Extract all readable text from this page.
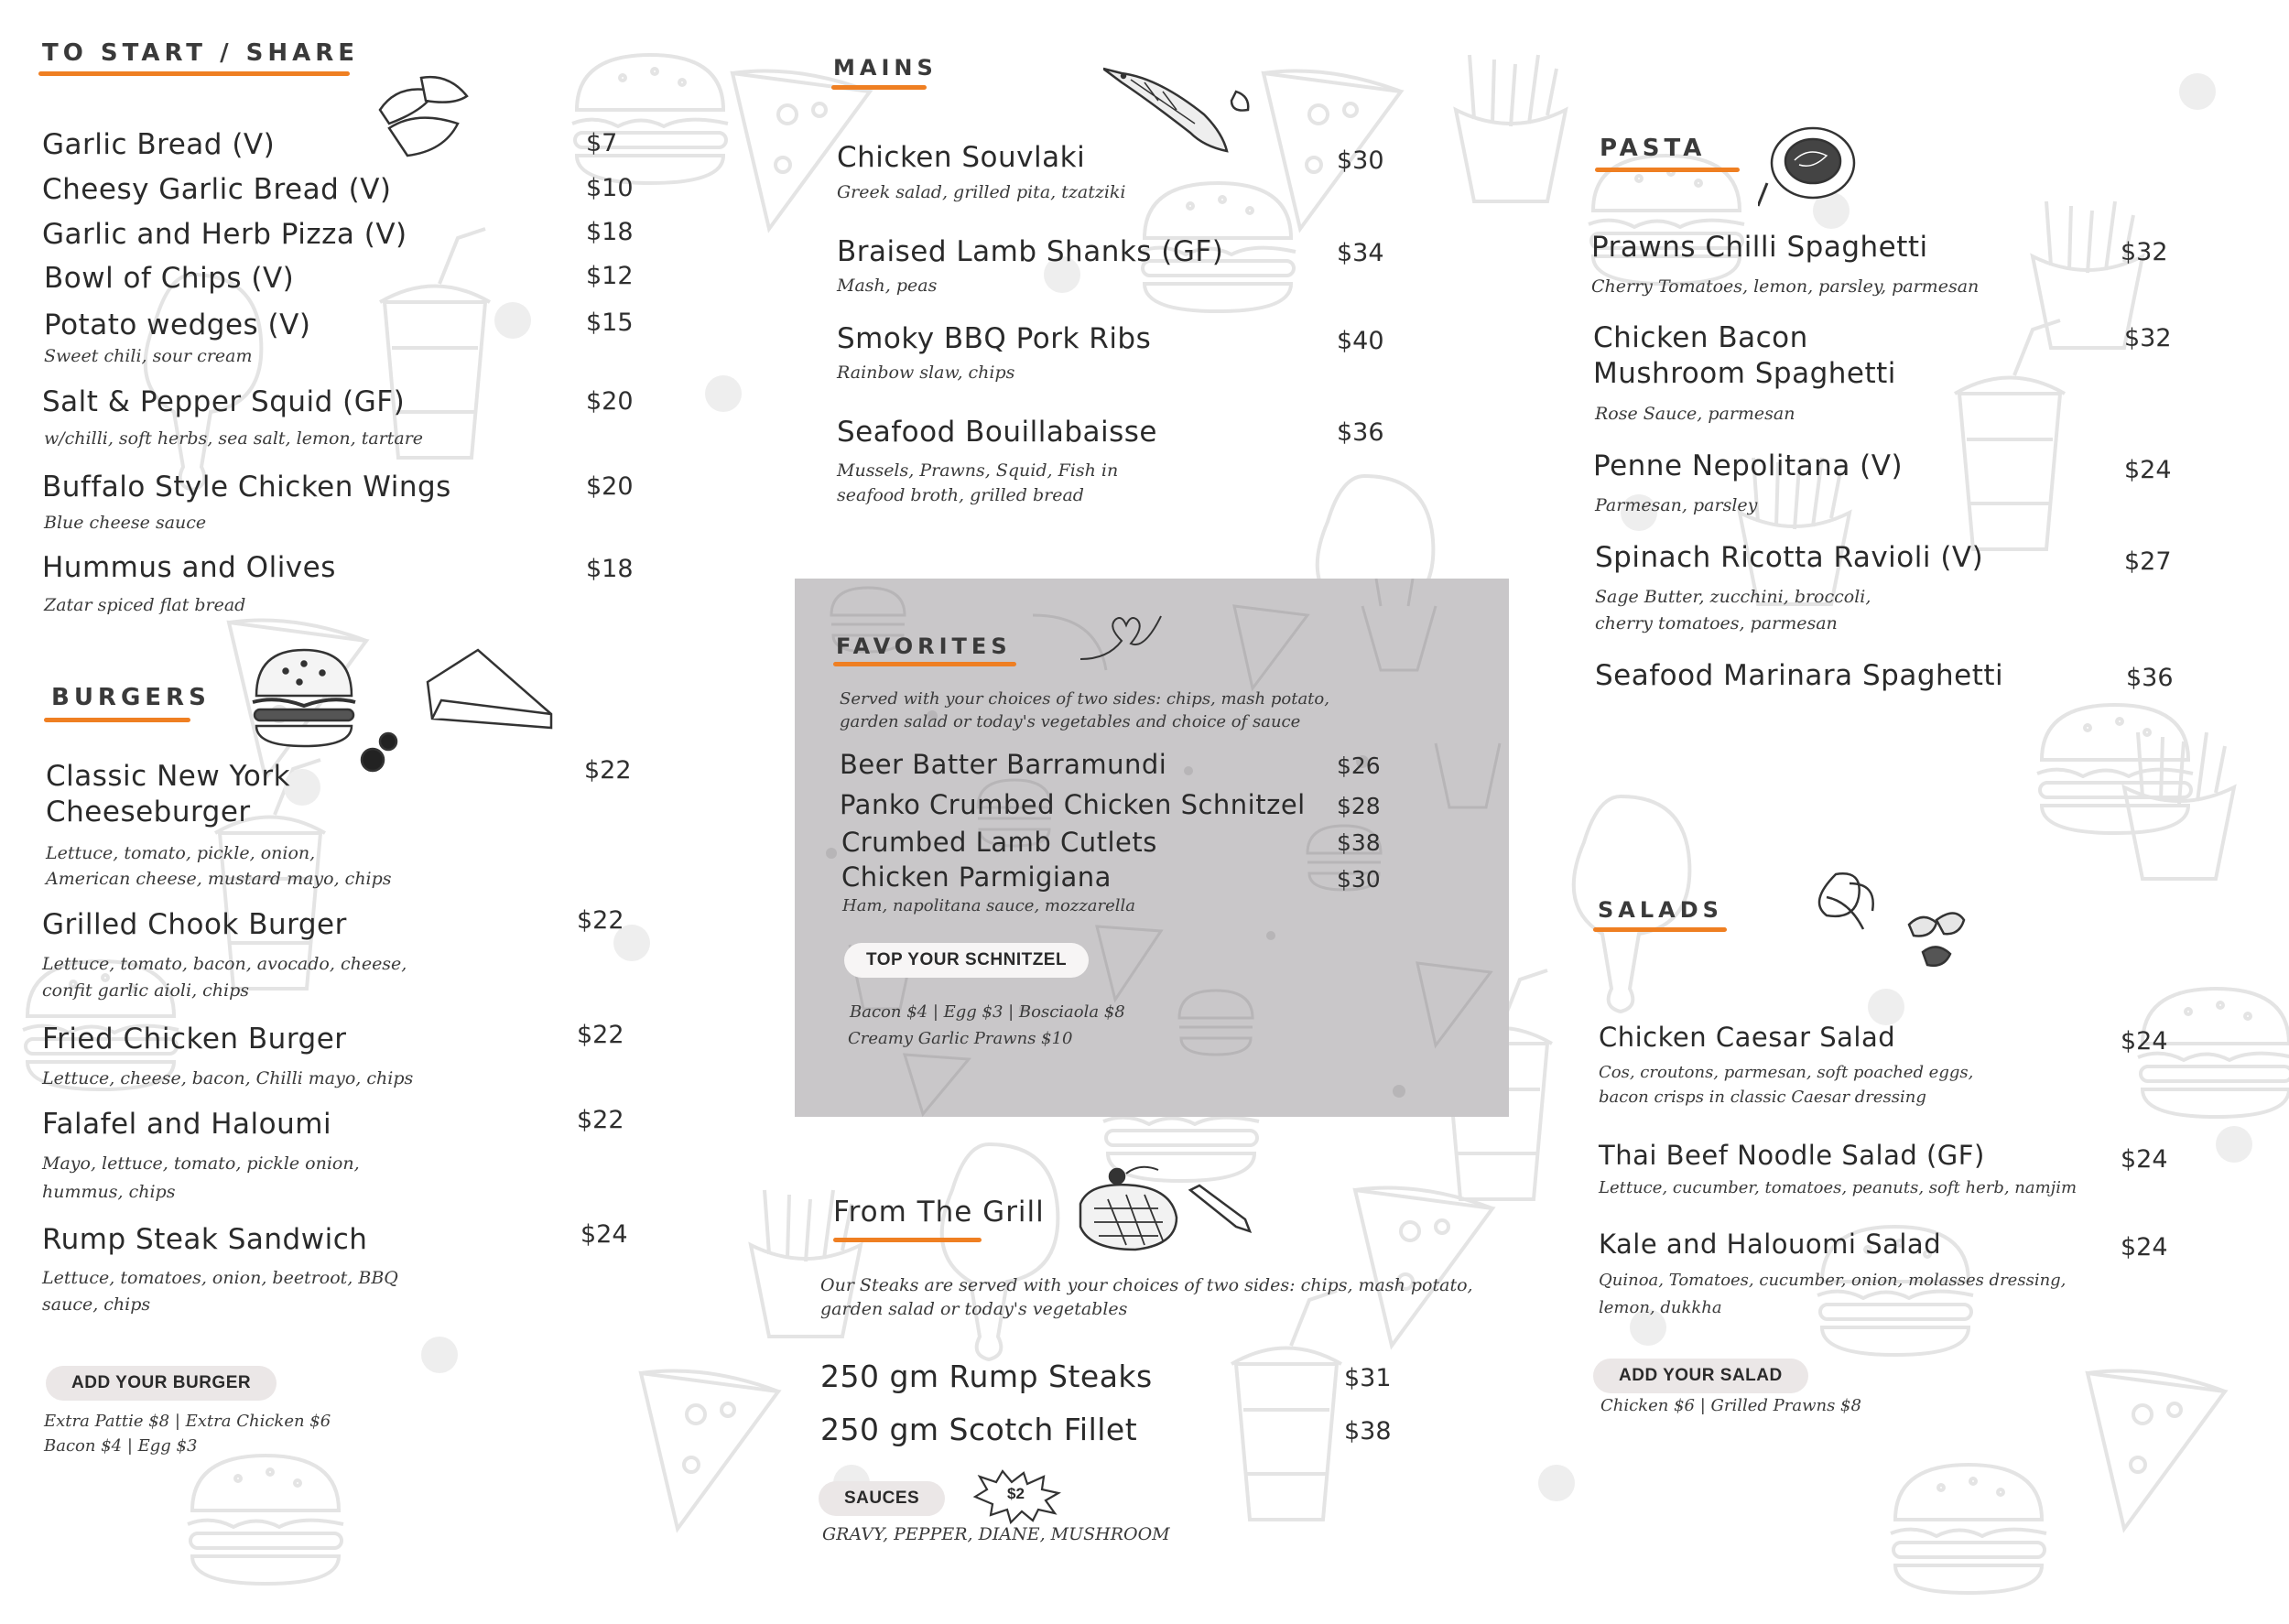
TO START / SHARE
Garlic Bread (V)	$7
Cheesy Garlic Bread (V)	$10
Garlic and Herb Pizza (V)	$18
Bowl of Chips (V)	$12
Potato wedges (V)	$15
Sweet chili, sour cream
Salt & Pepper Squid (GF)	$20
w/chilli, soft herbs, sea salt, lemon, tartare
Buffalo Style Chicken Wings	$20
Blue cheese sauce
Hummus and Olives	$18
Zatar spiced flat bread
BURGERS
Classic New York
Cheeseburger
$22
Lettuce, tomato, pickle, onion,
American cheese, mustard mayo, chips
Grilled Chook Burger	$22
Lettuce, tomato, bacon, avocado, cheese,
confit garlic aioli, chips
Fried Chicken Burger	$22
Lettuce, cheese, bacon, Chilli mayo, chips
Falafel and Haloumi	$22
Mayo, lettuce, tomato, pickle onion,
hummus, chips
Rump Steak Sandwich	$24
Lettuce, tomatoes, onion, beetroot, BBQ
sauce, chips
ADD YOUR BURGER
Extra Pattie $8 | Extra Chicken $6
Bacon $4 | Egg $3
MAINS
Chicken Souvlaki	$30
Greek salad, grilled pita, tzatziki
Braised Lamb Shanks (GF)	$34
Mash, peas
Smoky BBQ Pork Ribs	$40
Rainbow slaw, chips
Seafood Bouillabaisse	$36
Mussels, Prawns, Squid, Fish in
seafood broth, grilled bread
FAVORITES
Served with your choices of two sides: chips, mash potato,
garden salad or today's vegetables and choice of sauce
Beer Batter Barramundi	$26
Panko Crumbed Chicken Schnitzel $28
Crumbed Lamb Cutlets	$38
Chicken Parmigiana	$30
Ham, napolitana sauce, mozzarella
TOP YOUR SCHNITZEL
Bacon $4 | Egg $3 | Bosciaola $8
Creamy Garlic Prawns $10
From The Grill
Our Steaks are served with your choices of two sides: chips, mash potato,
garden salad or today's vegetables
250 gm Rump Steaks	$31
250 gm Scotch Fillet	$38
SAUCES	$2
GRAVY, PEPPER, DIANE, MUSHROOM
PASTA
Prawns Chilli Spaghetti	$32
Cherry Tomatoes, lemon, parsley, parmesan
Chicken Bacon
Mushroom Spaghetti
$32
Rose Sauce, parmesan
Penne Nepolitana (V)	$24
Parmesan, parsley
Spinach Ricotta Ravioli (V)	$27
Sage Butter, zucchini, broccoli,
cherry tomatoes, parmesan
Seafood Marinara Spaghetti	$36
SALADS
Chicken Caesar Salad	$24
Cos, croutons, parmesan, soft poached eggs,
bacon crisps in classic Caesar dressing
Thai Beef Noodle Salad (GF)	$24
Lettuce, cucumber, tomatoes, peanuts, soft herb, namjim
Kale and Halouomi Salad	$24
Quinoa, Tomatoes, cucumber, onion, molasses dressing,
lemon, dukkha
ADD YOUR SALAD
Chicken $6 | Grilled Prawns $8
